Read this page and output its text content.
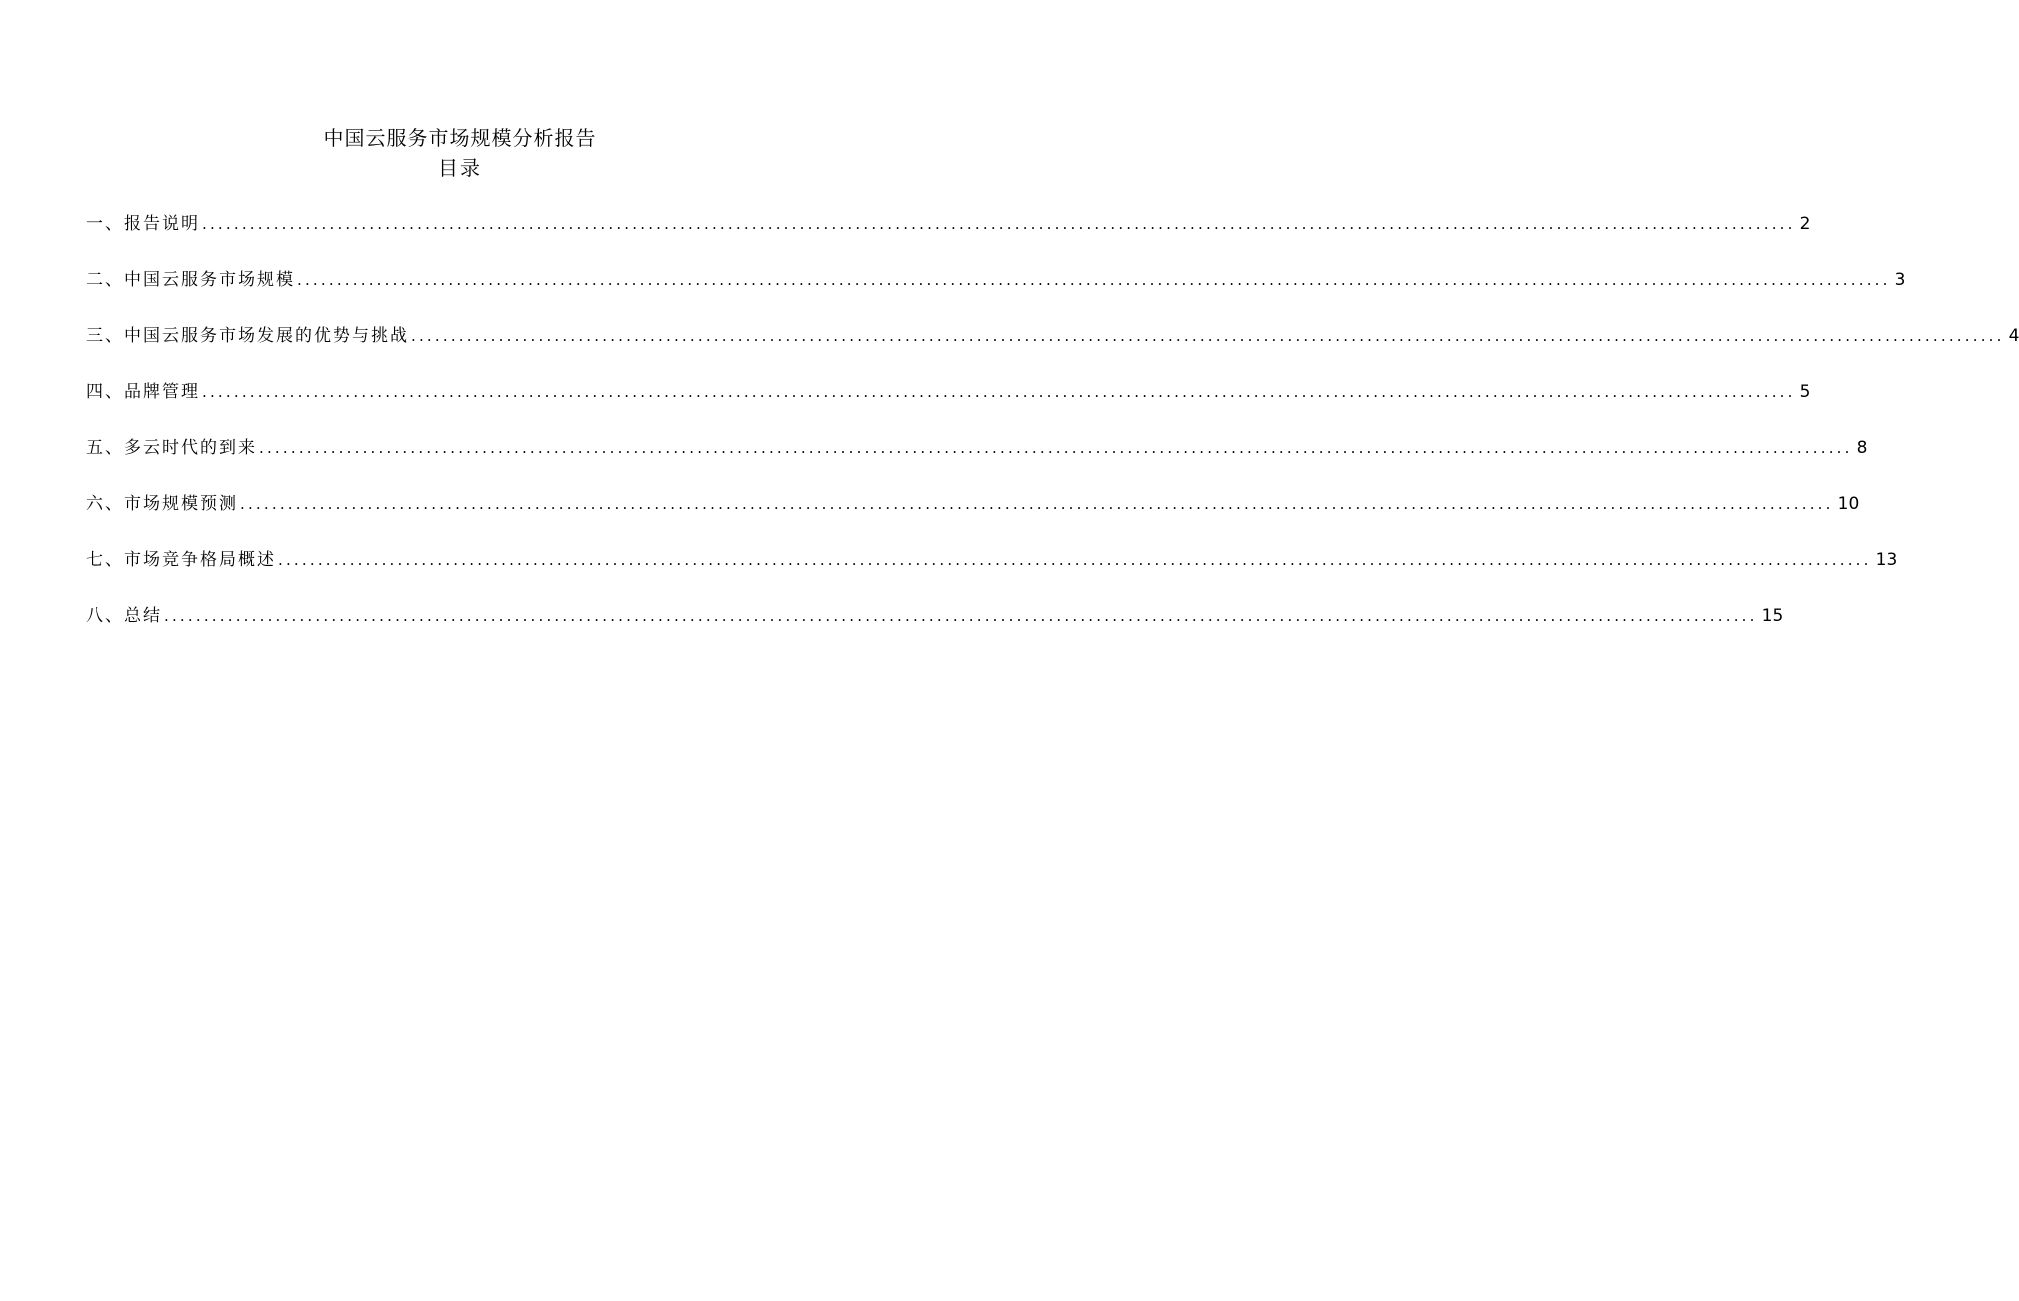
中国云服务市场规模分析报告
目录
一、报告说明 ........................................................................................................................................................................................................ 2
二、中国云服务市场规模 ........................................................................................................................................................................................................ 3
三、中国云服务市场发展的优势与挑战 ........................................................................................................................................................................................................ 4
四、品牌管理 ........................................................................................................................................................................................................ 5
五、多云时代的到来 ........................................................................................................................................................................................................ 8
六、市场规模预测 ........................................................................................................................................................................................................ 10
七、市场竞争格局概述 ........................................................................................................................................................................................................ 13
八、总结 ........................................................................................................................................................................................................ 15
